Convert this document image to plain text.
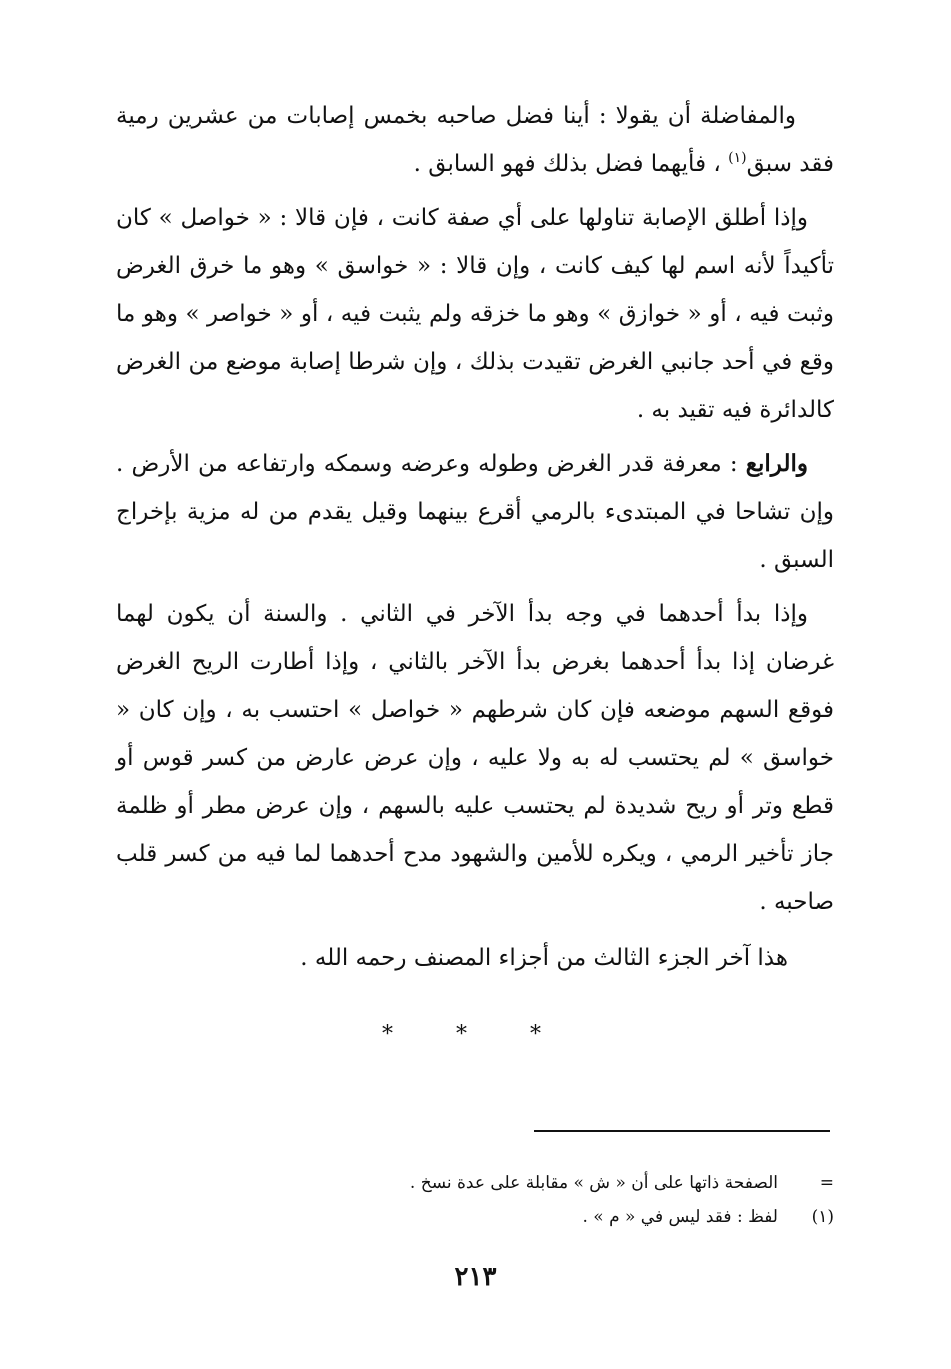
والمفاضلة أن يقولا : أينا فضل صاحبه بخمس إصابات من عشرين رمية فقد سبق$^{(١)}$ ، فأيهما فضل بذلك فهو السابق .

وإذا أطلق الإصابة تناولها على أي صفة كانت ، فإن قالا : « خواصل » كان تأكيداً لأنه اسم لها كيف كانت ، وإن قالا : « خواسق » وهو ما خرق الغرض وثبت فيه ، أو « خوازق » وهو ما خزقه ولم يثبت فيه ، أو « خواصر » وهو ما وقع في أحد جانبي الغرض تقيدت بذلك ، وإن شرطا إصابة موضع من الغرض كالدائرة فيه تقيد به .

والرابع : معرفة قدر الغرض وطوله وعرضه وسمكه وارتفاعه من الأرض . وإن تشاحا في المبتدىء بالرمي أقرع بينهما وقيل يقدم من له مزية بإخراج السبق .

وإذا بدأ أحدهما في وجه بدأ الآخر في الثاني . والسنة أن يكون لهما غرضان إذا بدأ أحدهما بغرض بدأ الآخر بالثاني ، وإذا أطارت الريح الغرض فوقع السهم موضعه فإن كان شرطهم « خواصل » احتسب به ، وإن كان « خواسق » لم يحتسب له به ولا عليه ، وإن عرض عارض من كسر قوس أو قطع وتر أو ريح شديدة لم يحتسب عليه بالسهم ، وإن عرض مطر أو ظلمة جاز تأخير الرمي ، ويكره للأمين والشهود مدح أحدهما لما فيه من كسر قلب صاحبه .

هذا آخر الجزء الثالث من أجزاء المصنف رحمه الله .

* * *
=الصفحة ذاتها على أن « ش » مقابلة على عدة نسخ .
(١)لفظ : فقد ليس في « م » .
٢١٣
